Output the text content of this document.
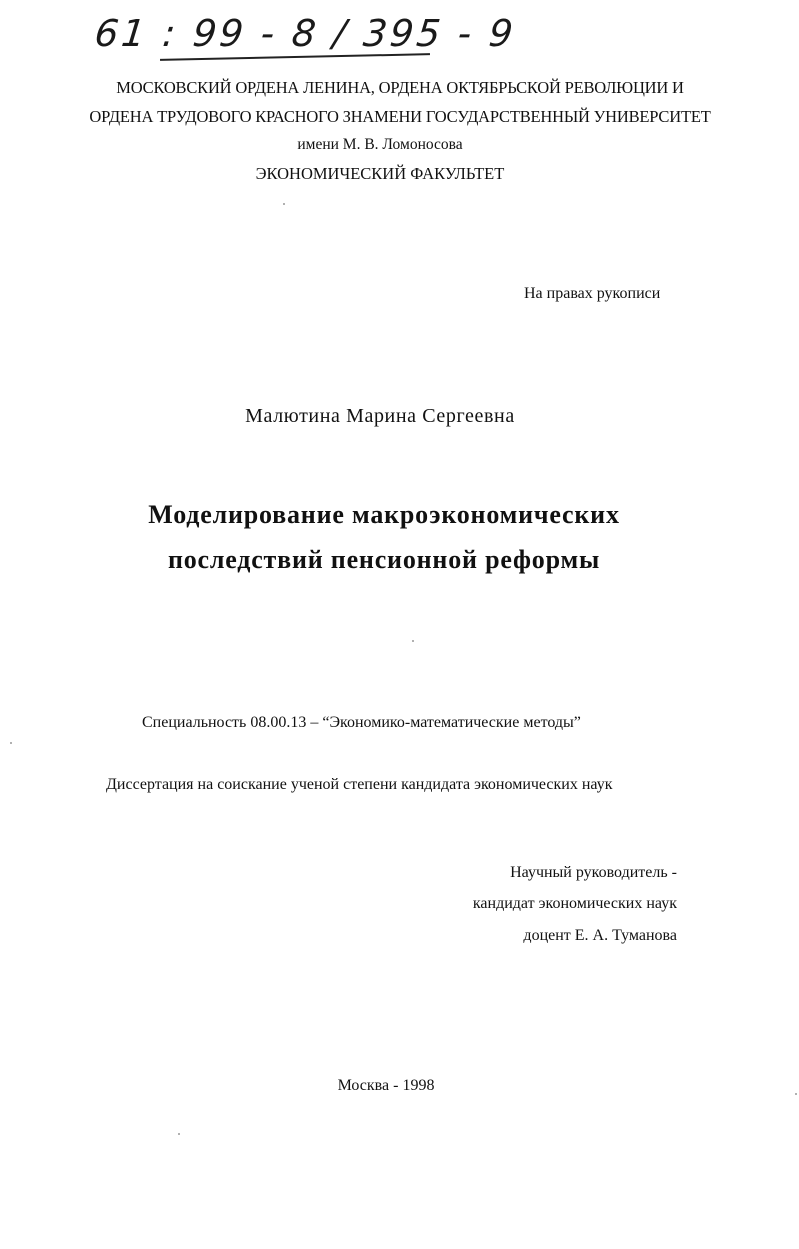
61 : 99 - 8 / 395 - 9
МОСКОВСКИЙ ОРДЕНА ЛЕНИНА, ОРДЕНА ОКТЯБРЬСКОЙ РЕВОЛЮЦИИ И
ОРДЕНА ТРУДОВОГО КРАСНОГО ЗНАМЕНИ ГОСУДАРСТВЕННЫЙ УНИВЕРСИТЕТ
имени М. В. Ломоносова
ЭКОНОМИЧЕСКИЙ ФАКУЛЬТЕТ
На правах рукописи
Малютина Марина Сергеевна
Моделирование макроэкономических
последствий пенсионной реформы
Специальность 08.00.13 – “Экономико-математические методы”
Диссертация на соискание ученой степени кандидата экономических наук
Научный руководитель -
кандидат экономических наук
доцент Е. А. Туманова
Москва - 1998
